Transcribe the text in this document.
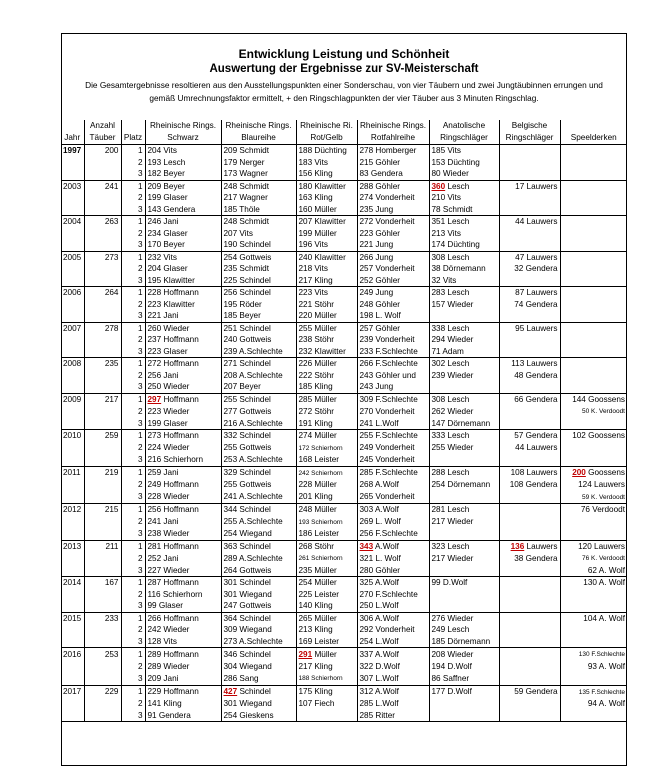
Entwicklung Leistung und Schönheit
Auswertung der Ergebnisse zur SV-Meisterschaft
Die Gesamtergebnisse resoltieren aus den Ausstellungspunkten einer Sonderschau, von vier Täubern und zwei Jungtäubinnen errungen und
gemäß Umrechnungsfaktor ermittelt, + den Ringschlagpunkten der vier Täuber aus 3 Minuten Ringschlag.
	Anzahl		Rheinische Rings.	Rheinische Rings.	Rheinische Ri.	Rheinische Rings.	Anatolische	Belgische	
Jahr	Täuber	Platz	Schwarz	Blaureihe	Rot/Gelb	Rotfahlreihe	Ringschläger	Ringschläger	Speelderken
1997	200	1	204 Vits	209 Schmidt	188 Düchting	278 Homberger	185 Vits		
		2	193 Lesch	179 Nerger	183 Vits	215 Göhler	153 Düchting		
		3	182 Beyer	173 Wagner	156 Kling	83 Gendera	80 Wieder		
2003	241	1	209 Beyer	248 Schmidt	180 Klawitter	288 Göhler	360 Lesch	17 Lauwers	
		2	199 Glaser	217 Wagner	163 Kling	274 Vonderheit	210 Vits		
		3	143 Gendera	185 Thöle	160 Müller	235 Jung	78 Schmidt		
2004	263	1	246 Jani	248 Schmidt	207 Klawitter	272 Vonderheit	351 Lesch	44 Lauwers	
		2	234 Glaser	207 Vits	199 Müller	223 Göhler	213 Vits		
		3	170 Beyer	190 Schindel	196 Vits	221 Jung	174 Düchting		
2005	273	1	232 Vits	254 Gottweis	240 Klawitter	266 Jung	308 Lesch	47 Lauwers	
		2	204 Glaser	235 Schmidt	218 Vits	257 Vonderheit	38 Dörnemann	32 Gendera	
		3	195 Klawitter	225 Schindel	217 Kling	252 Göhler	32 Vits		
2006	264	1	228 Hoffmann	256 Schindel	223 Vits	249 Jung	283 Lesch	87 Lauwers	
		2	223 Klawitter	195 Röder	221 Stöhr	248 Göhler	157 Wieder	74 Gendera	
		3	221 Jani	185 Beyer	220 Müller	198 L. Wolf			
2007	278	1	260 Wieder	251 Schindel	255 Müller	257 Göhler	338 Lesch	95 Lauwers	
		2	237 Hoffmann	240 Gottweis	238 Stöhr	239 Vonderheit	294 Wieder		
		3	223 Glaser	239 A.Schlechte	232 Klawitter	233 F.Schlechte	71 Adam		
2008	235	1	272 Hoffmann	271 Schindel	226 Müller	266 F.Schlechte	302 Lesch	113 Lauwers	
		2	256 Jani	208 A.Schlechte	222 Stöhr	243 Göhler und	239 Wieder	48 Gendera	
		3	250 Wieder	207 Beyer	185 Kling	243 Jung			
2009	217	1	297 Hoffmann	255 Schindel	285 Müller	309 F.Schlechte	308 Lesch	66 Gendera	144 Goossens
		2	223 Wieder	277 Gottweis	272 Stöhr	270 Vonderheit	262 Wieder		50 K. Verdoodt
		3	199 Glaser	216 A.Schlechte	191 Kling	241 L.Wolf	147 Dörnemann		
2010	259	1	273 Hoffmann	332 Schindel	274 Müller	255 F.Schlechte	333 Lesch	57 Gendera	102 Goossens
		2	224 Wieder	255 Gottweis	172 Schierhorn	249 Vonderheit	255 Wieder	44 Lauwers	
		3	216 Schierhorn	253 A.Schlechte	168 Leister	245 Vonderheit			
2011	219	1	259 Jani	329 Schindel	242 Schierhorn	285 F.Schlechte	288 Lesch	108 Lauwers	200 Goossens
		2	249 Hoffmann	255 Gottweis	228 Müller	268 A.Wolf	254 Dörnemann	108 Gendera	124 Lauwers
		3	228 Wieder	241 A.Schlechte	201 Kling	265 Vonderheit			59 K. Verdoodt
2012	215	1	256 Hoffmann	344 Schindel	248 Müller	303 A.Wolf	281 Lesch		76 Verdoodt
		2	241 Jani	255 A.Schlechte	193 Schierhorn	269 L. Wolf	217 Wieder		
		3	238 Wieder	254 Wiegand	186 Leister	256 F.Schlechte			
2013	211	1	281 Hoffmann	363 Schindel	268 Stöhr	343 A.Wolf	323 Lesch	136 Lauwers	120 Lauwers
		2	252 Jani	289 A.Schlechte	261 Schierhorn	321 L. Wolf	217 Wieder	38 Gendera	76 K. Verdoodt
		3	227 Wieder	264 Gottweis	235 Müller	280 Göhler			62 A. Wolf
2014	167	1	287 Hoffmann	301 Schindel	254 Müller	325 A.Wolf	99 D.Wolf		130 A. Wolf
		2	116 Schierhorn	301 Wiegand	225 Leister	270 F.Schlechte			
		3	99 Glaser	247 Gottweis	140 Kling	250 L.Wolf			
2015	233	1	266 Hoffmann	364 Schindel	265 Müller	306 A.Wolf	276 Wieder		104 A. Wolf
		2	242 Wieder	309 Wiegand	213 Kling	292 Vonderheit	249 Lesch		
		3	128 Vits	273 A.Schlechte	169 Leister	254 L.Wolf	185 Dörnemann		
2016	253	1	289 Hoffmann	346 Schindel	291 Müller	337 A.Wolf	208 Wieder		130 F.Schlechte
		2	289 Wieder	304 Wiegand	217 Kling	322 D.Wolf	194 D.Wolf		93 A. Wolf
		3	209 Jani	286 Sang	188 Schierhorn	307 L.Wolf	86 Saffner		
2017	229	1	229 Hoffmann	427 Schindel	175 Kling	312 A.Wolf	177 D.Wolf	59 Gendera	135 F.Schlechte
		2	141 Kling	301 Wiegand	107 Fiech	285 L.Wolf			94 A. Wolf
		3	91 Gendera	254 Gieskens		285 Ritter			
